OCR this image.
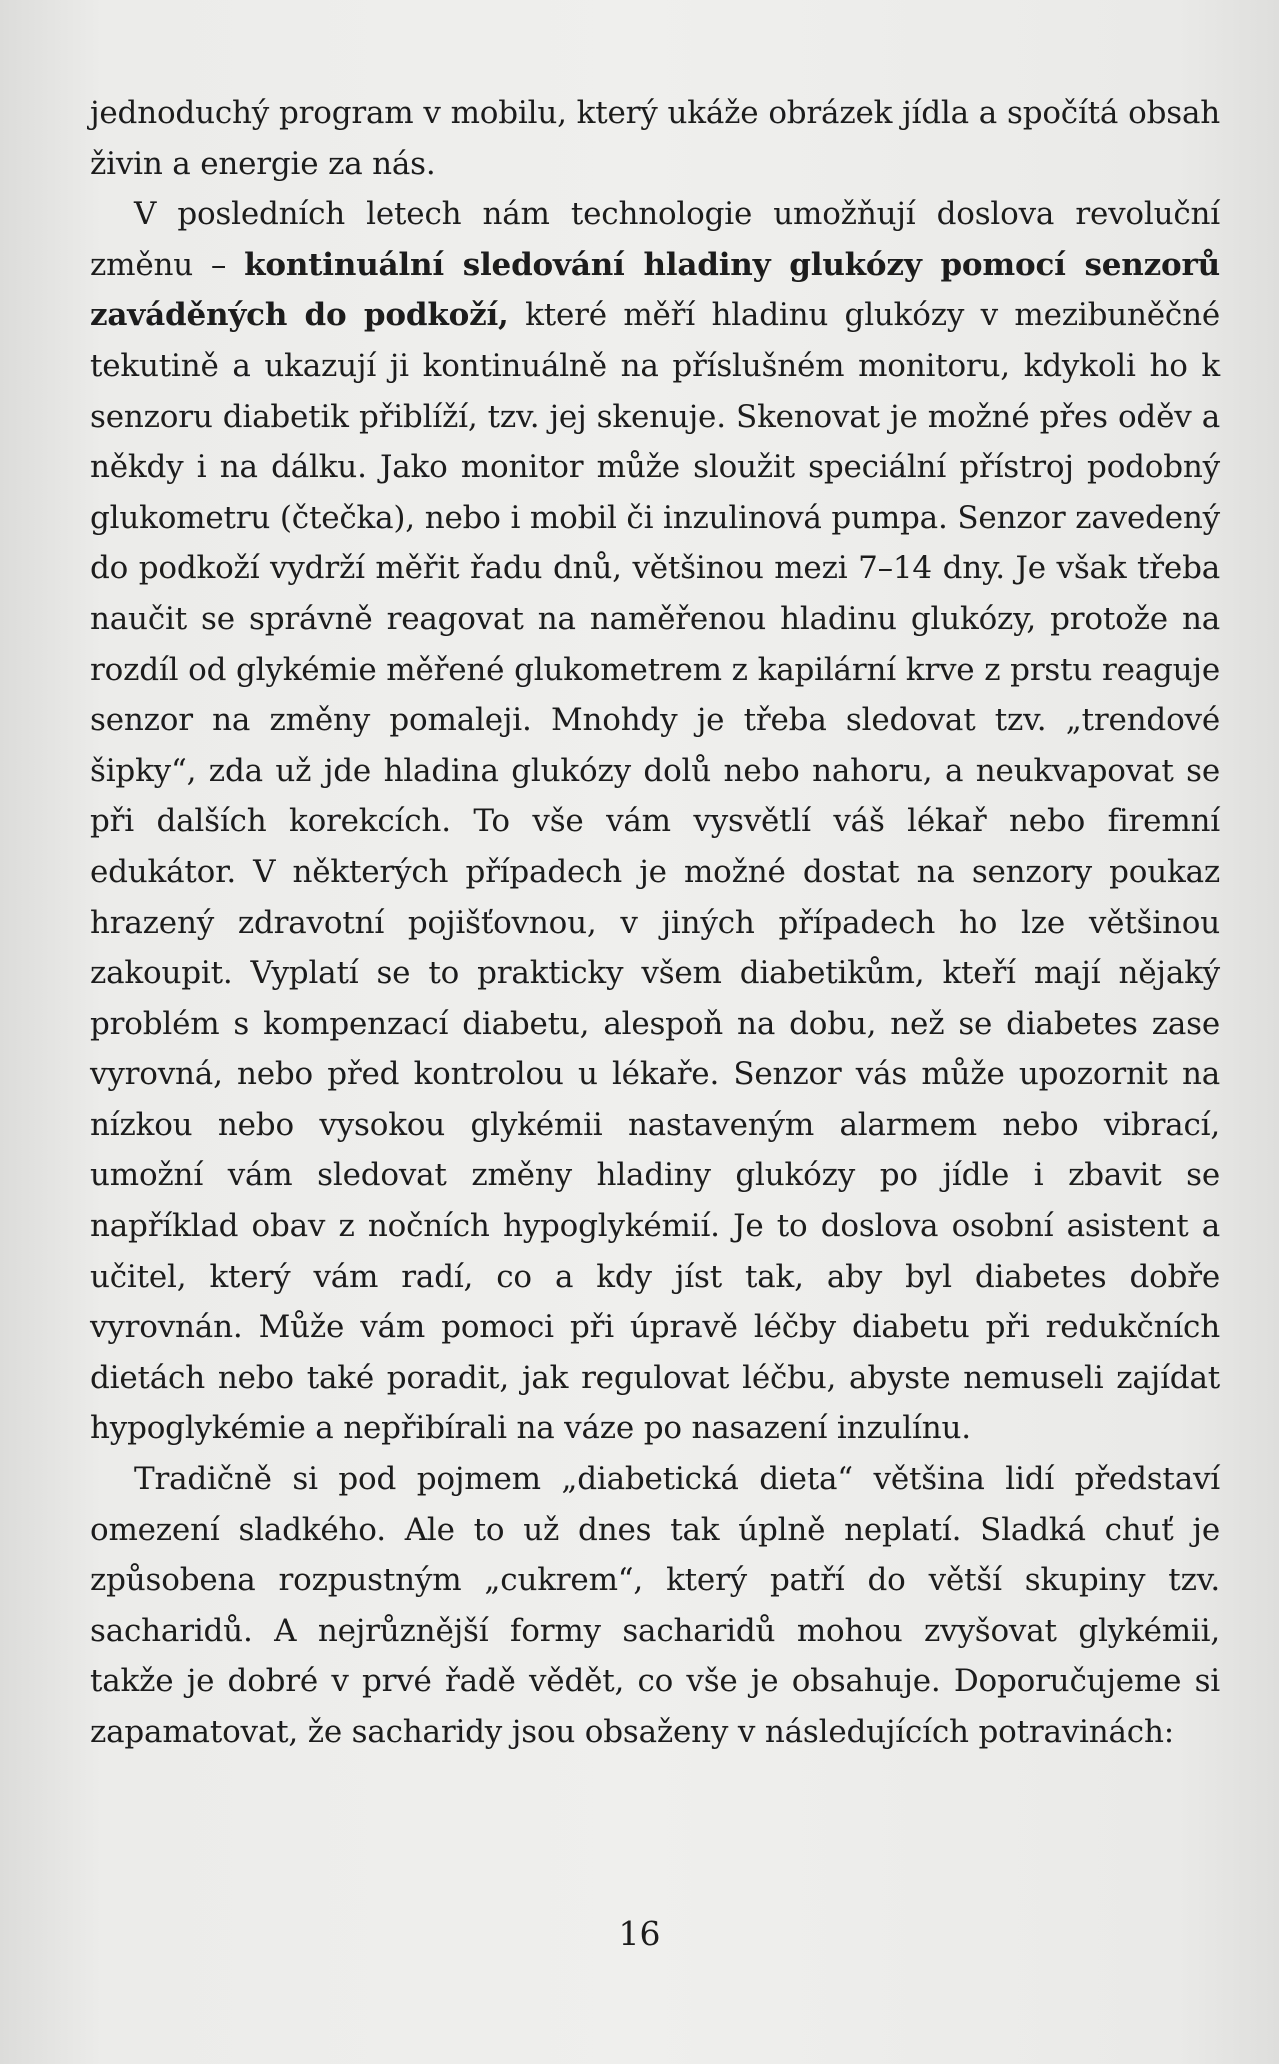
jednoduchý program v mobilu, který ukáže obrázek jídla a spočítá obsah živin a energie za nás.

V posledních letech nám technologie umožňují doslova revoluční změnu – kontinuální sledování hladiny glukózy pomocí senzorů zaváděných do podkoží, které měří hladinu glukózy v mezibuněčné tekutině a ukazují ji kontinuálně na příslušném monitoru, kdykoli ho k senzoru diabetik přiblíží, tzv. jej skenuje. Skenovat je možné přes oděv a někdy i na dálku. Jako monitor může sloužit speciální přístroj podobný glukometru (čtečka), nebo i mobil či inzulinová pumpa. Senzor zavedený do podkoží vydrží měřit řadu dnů, většinou mezi 7–14 dny. Je však třeba naučit se správně reagovat na naměřenou hladinu glukózy, protože na rozdíl od glykémie měřené glukometrem z kapilární krve z prstu reaguje senzor na změny pomaleji. Mnohdy je třeba sledovat tzv. „trendové šipky“, zda už jde hladina glukózy dolů nebo nahoru, a neukvapovat se při dalších korekcích. To vše vám vysvětlí váš lékař nebo firemní edukátor. V některých případech je možné dostat na senzory poukaz hrazený zdravotní pojišťovnou, v jiných případech ho lze většinou zakoupit. Vyplatí se to prakticky všem diabetikům, kteří mají nějaký problém s kompenzací diabetu, alespoň na dobu, než se diabetes zase vyrovná, nebo před kontrolou u lékaře. Senzor vás může upozornit na nízkou nebo vysokou glykémii nastaveným alarmem nebo vibrací, umožní vám sledovat změny hladiny glukózy po jídle i zbavit se například obav z nočních hypoglykémií. Je to doslova osobní asistent a učitel, který vám radí, co a kdy jíst tak, aby byl diabetes dobře vyrovnán. Může vám pomoci při úpravě léčby diabetu při redukčních dietách nebo také poradit, jak regulovat léčbu, abyste nemuseli zajídat hypoglykémie a nepřibírali na váze po nasazení inzulínu.

Tradičně si pod pojmem „diabetická dieta“ většina lidí představí omezení sladkého. Ale to už dnes tak úplně neplatí. Sladká chuť je způsobena rozpustným „cukrem“, který patří do větší skupiny tzv. sacharidů. A nejrůznější formy sacharidů mohou zvyšovat glykémii, takže je dobré v prvé řadě vědět, co vše je obsahuje. Doporučujeme si zapamatovat, že sacharidy jsou obsaženy v následujících potravinách:

16
